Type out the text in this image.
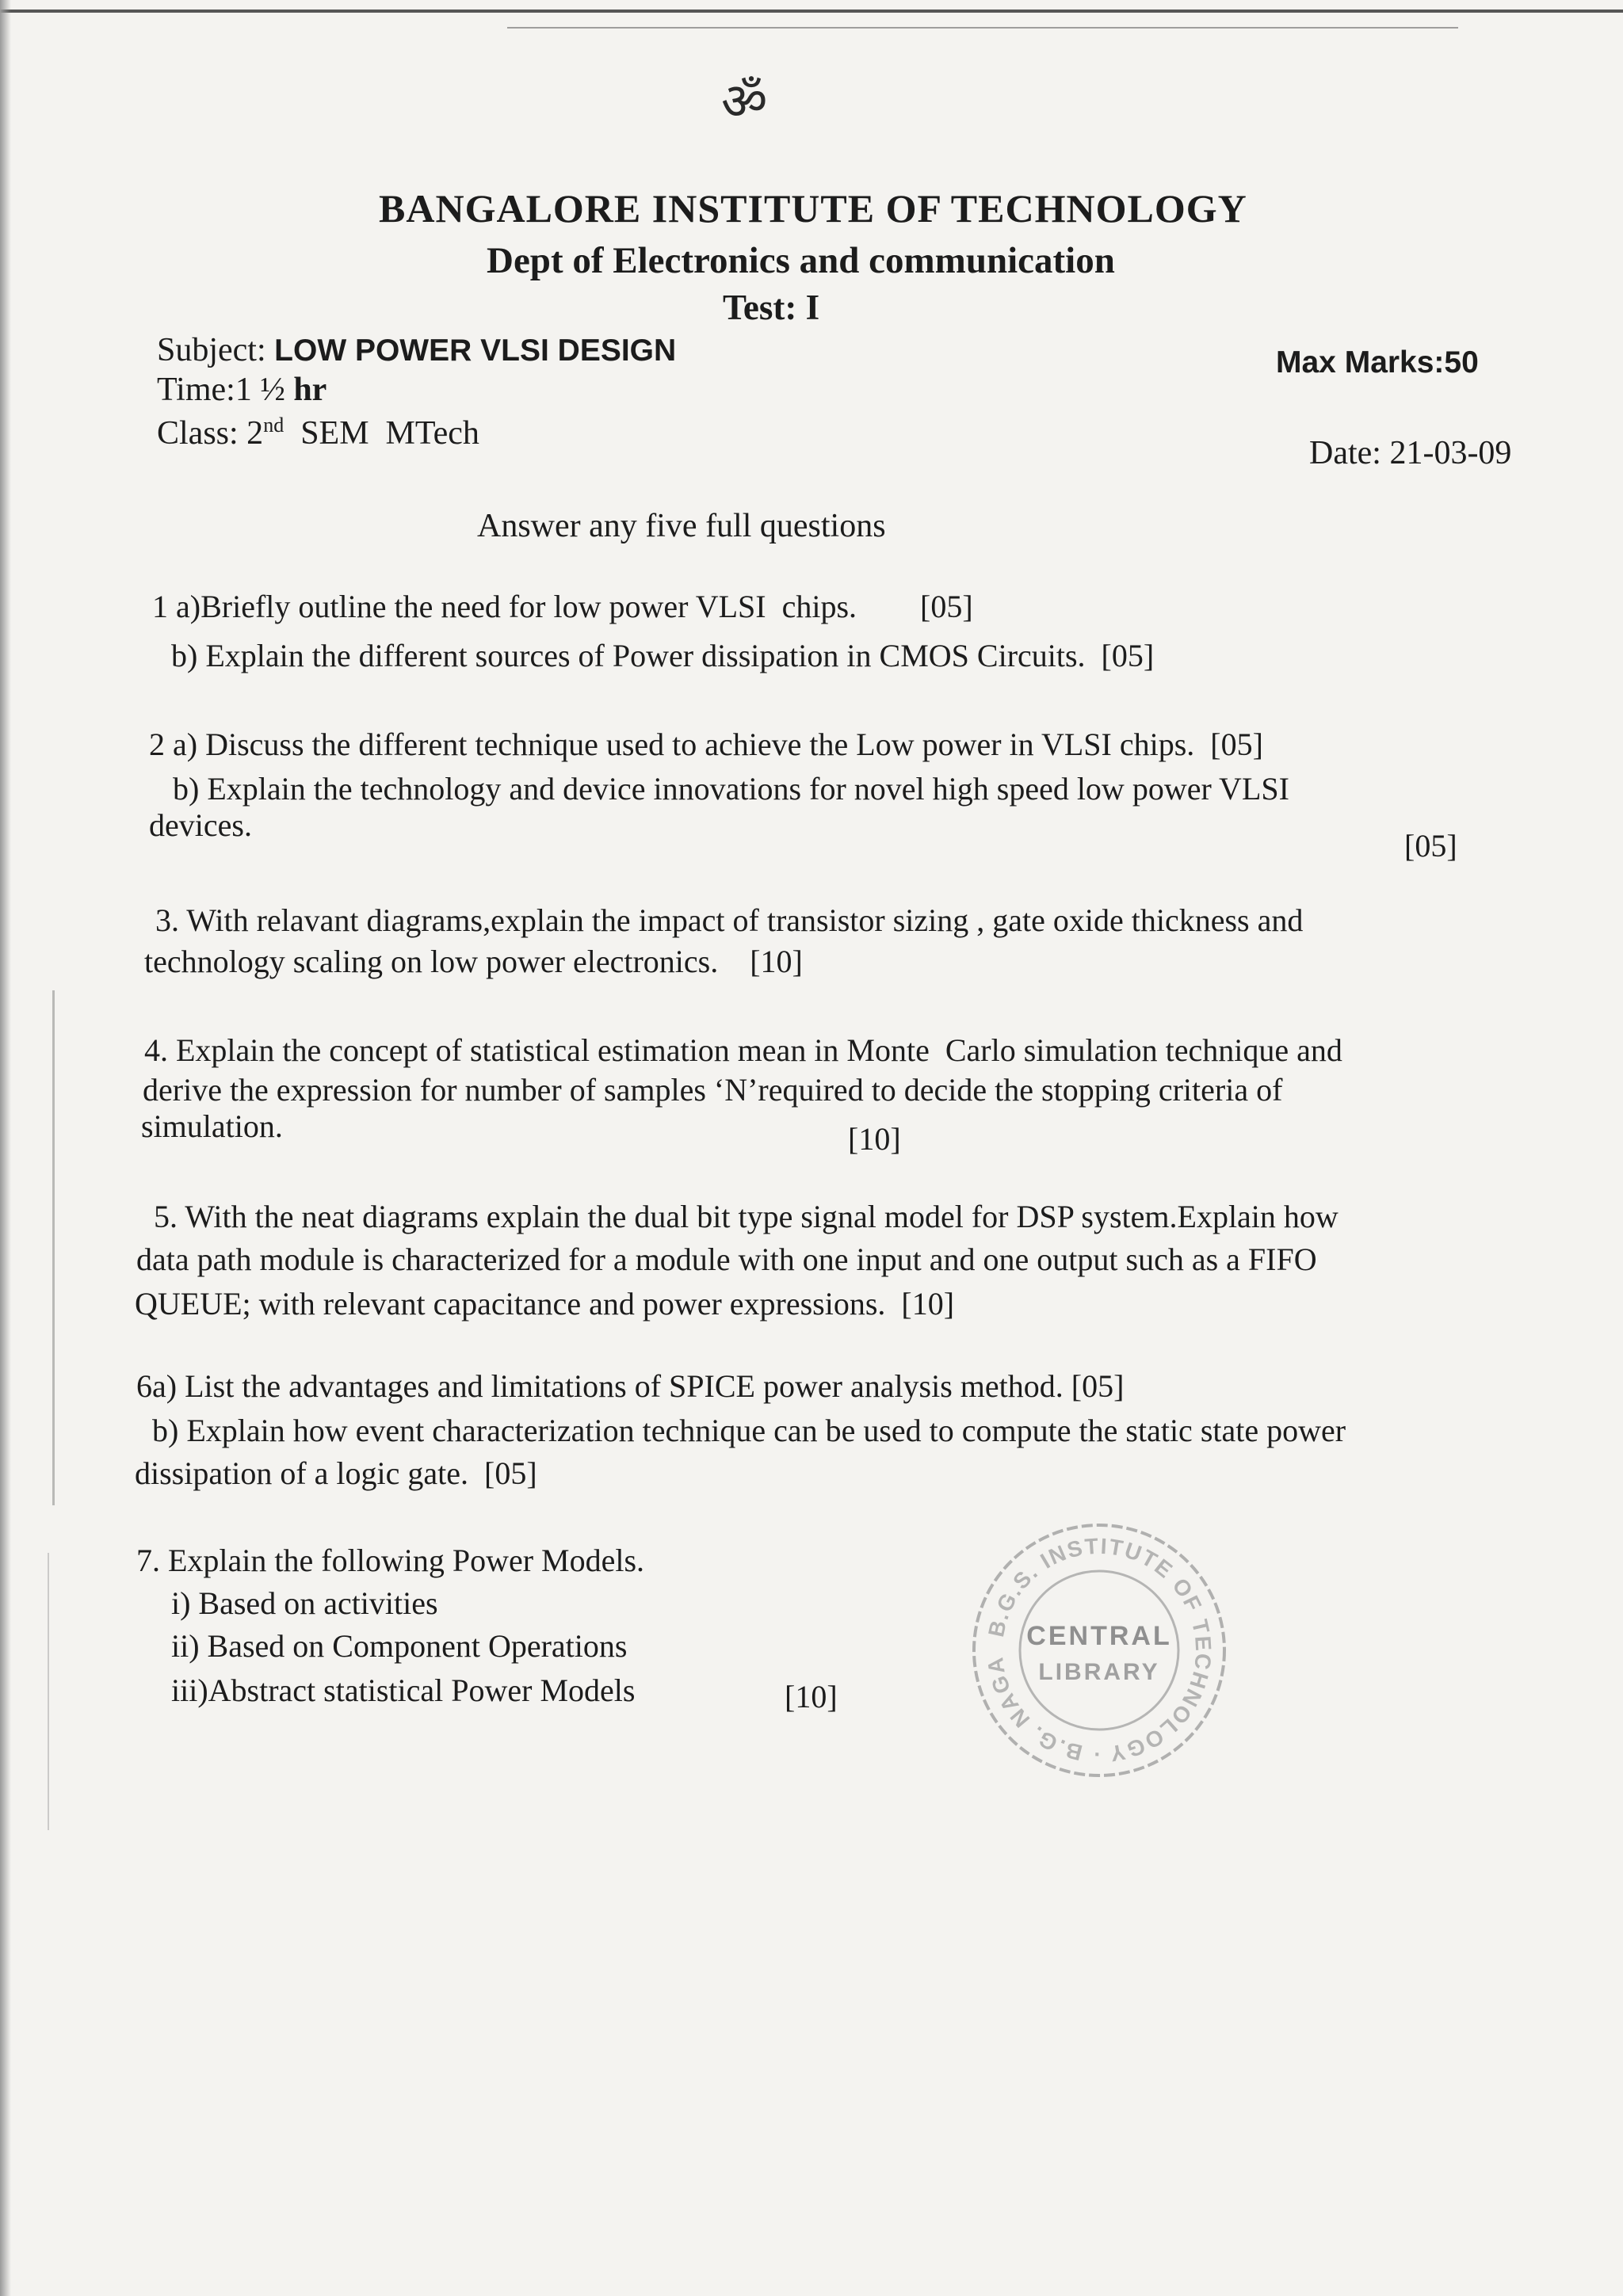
ॐ
BANGALORE INSTITUTE OF TECHNOLOGY
Dept of Electronics and communication
Test: I
Subject: LOW POWER VLSI DESIGN	Max Marks:50
Time:1 ½ hr
Class: 2nd  SEM  MTech
Date: 21-03-09
Answer any five full questions
1 a)Briefly outline the need for low power VLSI  chips.        [05]
b) Explain the different sources of Power dissipation in CMOS Circuits.  [05]
2 a) Discuss the different technique used to achieve the Low power in VLSI chips.  [05]
b) Explain the technology and device innovations for novel high speed low power VLSI
devices.
[05]
3. With relavant diagrams,explain the impact of transistor sizing , gate oxide thickness and
technology scaling on low power electronics.    [10]
4. Explain the concept of statistical estimation mean in Monte  Carlo simulation technique and
derive the expression for number of samples ‘N’required to decide the stopping criteria of
simulation.	[10]
5. With the neat diagrams explain the dual bit type signal model for DSP system.Explain how
data path module is characterized for a module with one input and one output such as a FIFO
QUEUE; with relevant capacitance and power expressions.  [10]
6a) List the advantages and limitations of SPICE power analysis method. [05]
b) Explain how event characterization technique can be used to compute the static state power
dissipation of a logic gate.  [05]
7. Explain the following Power Models.
i) Based on activities
ii) Based on Component Operations
iii)Abstract statistical Power Models	[10]
B.G.S. INSTITUTE OF TECHNOLOGY · B.G. NAGA
CENTRAL
LIBRARY
